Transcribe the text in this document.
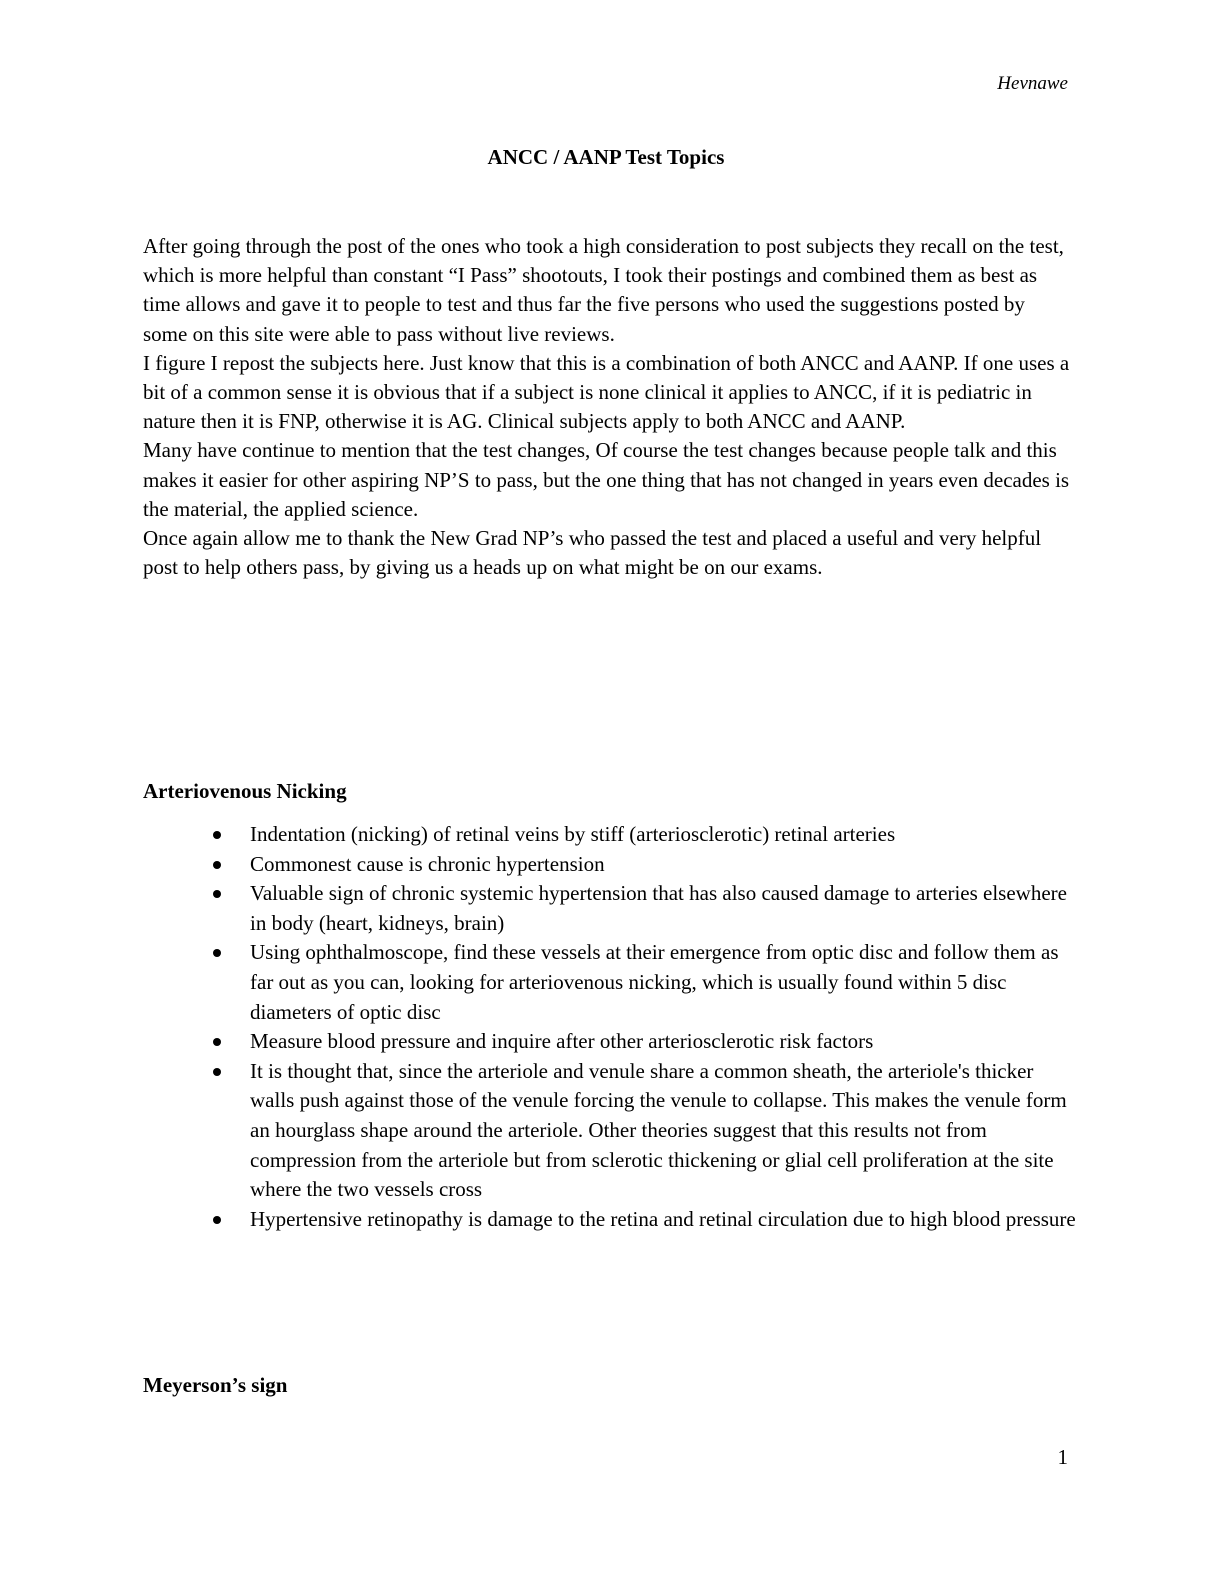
Hevnawe
ANCC / AANP Test Topics

After going through the post of the ones who took a high consideration to post subjects they recall on the test, which is more helpful than constant “I Pass” shootouts, I took their postings and combined them as best as time allows and gave it to people to test and thus far the five persons who used the suggestions posted by some on this site were able to pass without live reviews.

I figure I repost the subjects here. Just know that this is a combination of both ANCC and AANP. If one uses a bit of a common sense it is obvious that if a subject is none clinical it applies to ANCC, if it is pediatric in nature then it is FNP, otherwise it is AG. Clinical subjects apply to both ANCC and AANP.

Many have continue to mention that the test changes, Of course the test changes because people talk and this makes it easier for other aspiring NP’S to pass, but the one thing that has not changed in years even decades is the material, the applied science.

Once again allow me to thank the New Grad NP’s who passed the test and placed a useful and very helpful post to help others pass, by giving us a heads up on what might be on our exams.

Arteriovenous Nicking
Indentation (nicking) of retinal veins by stiff (arteriosclerotic) retinal arteries
Commonest cause is chronic hypertension
Valuable sign of chronic systemic hypertension that has also caused damage to arteries elsewhere in body (heart, kidneys, brain)
Using ophthalmoscope, find these vessels at their emergence from optic disc and follow them as far out as you can, looking for arteriovenous nicking, which is usually found within 5 disc diameters of optic disc
Measure blood pressure and inquire after other arteriosclerotic risk factors
It is thought that, since the arteriole and venule share a common sheath, the arteriole's thicker walls push against those of the venule forcing the venule to collapse. This makes the venule form an hourglass shape around the arteriole. Other theories suggest that this results not from compression from the arteriole but from sclerotic thickening or glial cell proliferation at the site where the two vessels cross
Hypertensive retinopathy is damage to the retina and retinal circulation due to high blood pressure
Meyerson’s sign
1
